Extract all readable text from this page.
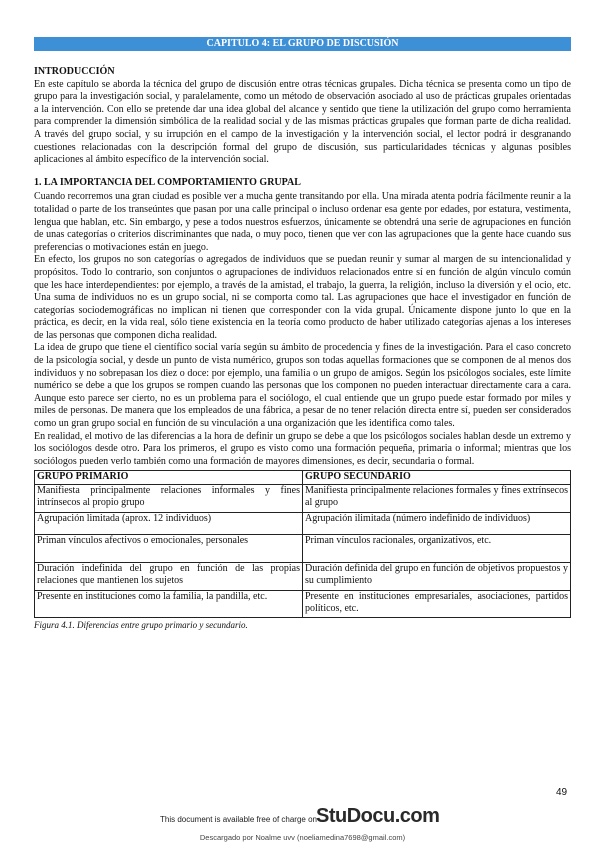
CAPITULO 4: EL GRUPO DE DISCUSIÓN
INTRODUCCIÓN

En este capítulo se aborda la técnica del grupo de discusión entre otras técnicas grupales. Dicha técnica se presenta como un tipo de grupo para la investigación social, y paralelamente, como un método de observación asociado al uso de prácticas grupales orientadas a la intervención. Con ello se pretende dar una idea global del alcance y sentido que tiene la utilización del grupo como herramienta para comprender la dimensión simbólica de la realidad social y de las mismas prácticas grupales que forman parte de dicha realidad. A través del grupo social, y su irrupción en el campo de la investigación y la intervención social, el lector podrá ir desgranando cuestiones relacionadas con la descripción formal del grupo de discusión, sus particularidades técnicas y algunas posibles aplicaciones al ámbito específico de la intervención social.

1. LA IMPORTANCIA DEL COMPORTAMIENTO GRUPAL

Cuando recorremos una gran ciudad es posible ver a mucha gente transitando por ella. Una mirada atenta podría fácilmente reunir a la totalidad o parte de los transeúntes que pasan por una calle principal o incluso ordenar esa gente por edades, por estatura, vestimenta, lengua que hablan, etc. Sin embargo, y pese a todos nuestros esfuerzos, únicamente se obtendrá una serie de agrupaciones en función de unas categorías o criterios discriminantes que nada, o muy poco, tienen que ver con las agrupaciones que la gente hace cuando sus preferencias o motivaciones están en juego.

En efecto, los grupos no son categorías o agregados de individuos que se puedan reunir y sumar al margen de su intencionalidad y propósitos. Todo lo contrario, son conjuntos o agrupaciones de individuos relacionados entre sí en función de algún vínculo común que les hace interdependientes: por ejemplo, a través de la amistad, el trabajo, la guerra, la religión, incluso la diversión y el ocio, etc. Una suma de individuos no es un grupo social, ni se comporta como tal. Las agrupaciones que hace el investigador en función de categorías sociodemográficas no implican ni tienen que corresponder con la vida grupal. Únicamente dispone junto lo que en la práctica, es decir, en la vida real, sólo tiene existencia en la teoría como producto de haber utilizado categorías ajenas a los intereses de las personas que componen dicha realidad.

La idea de grupo que tiene el científico social varía según su ámbito de procedencia y fines de la investigación. Para el caso concreto de la psicología social, y desde un punto de vista numérico, grupos son todas aquellas formaciones que se componen de al menos dos individuos y no sobrepasan los diez o doce: por ejemplo, una familia o un grupo de amigos. Según los psicólogos sociales, este límite numérico se debe a que los grupos se rompen cuando las personas que los componen no pueden interactuar directamente cara a cara. Aunque esto parece ser cierto, no es un problema para el sociólogo, el cual entiende que un grupo puede estar formado por miles y miles de personas. De manera que los empleados de una fábrica, a pesar de no tener relación directa entre sí, pueden ser considerados como un gran grupo social en función de su vinculación a una organización que les identifica como tales.

En realidad, el motivo de las diferencias a la hora de definir un grupo se debe a que los psicólogos sociales hablan desde un extremo y los sociólogos desde otro. Para los primeros, el grupo es visto como una formación pequeña, primaria o informal; mientras que los sociólogos pueden verlo también como una formación de mayores dimensiones, es decir, secundaria o formal.

GRUPO PRIMARIO	GRUPO SECUNDARIO
Manifiesta principalmente relaciones informales y fines intrínsecos al propio grupo	Manifiesta principalmente relaciones formales y fines extrínsecos al grupo
Agrupación limitada (aprox. 12 individuos)	Agrupación ilimitada (número indefinido de individuos)
Priman vínculos afectivos o emocionales, personales	Priman vínculos racionales, organizativos, etc.
Duración indefinida del grupo en función de las propias relaciones que mantienen los sujetos	Duración definida del grupo en función de objetivos propuestos y su cumplimiento
Presente en instituciones como la familia, la pandilla, etc.	Presente en instituciones empresariales, asociaciones, partidos políticos, etc.
Figura 4.1. Diferencias entre grupo primario y secundario.
49
This document is available free of charge on StuDocu.com
Descargado por Noalme uvv (noeliamedina7698@gmail.com)
